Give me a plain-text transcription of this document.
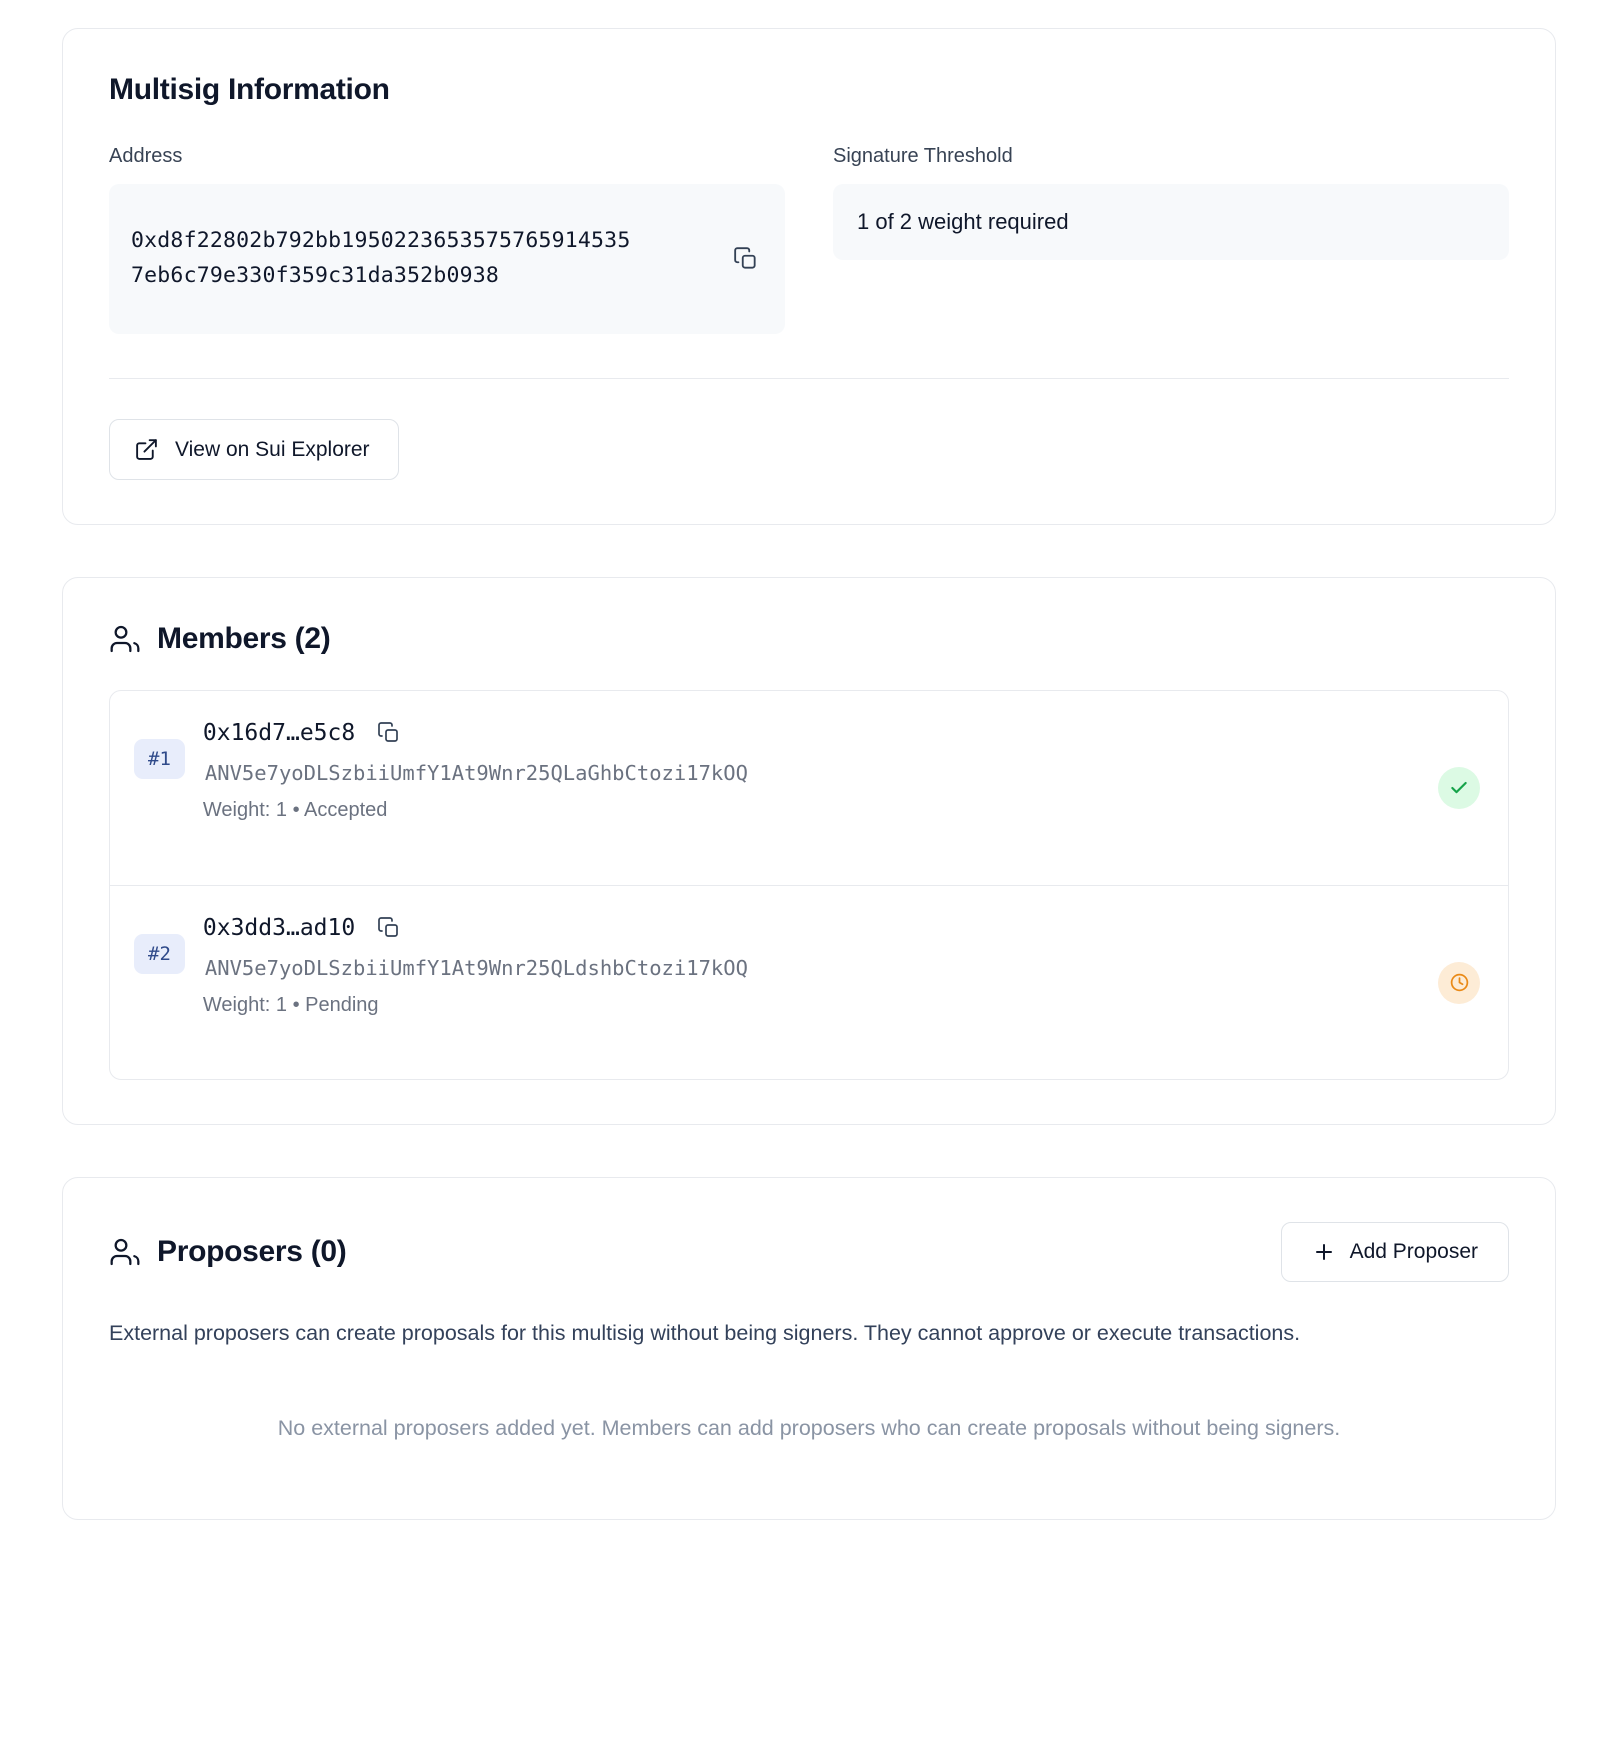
Multisig Information
Address
0xd8f22802b792bb19502236535757659145357eb6c79e330f359c31da352b0938
Signature Threshold
1 of 2 weight required
View on Sui Explorer
Members (2)
#1
0x16d7…e5c8
ANV5e7yoDLSzbiiUmfY1At9Wnr25QLaGhbCtozi17kOQ
Weight: 1 • Accepted
#2
0x3dd3…ad10
ANV5e7yoDLSzbiiUmfY1At9Wnr25QLdshbCtozi17kOQ
Weight: 1 • Pending
Proposers (0)	Add Proposer

External proposers can create proposals for this multisig without being signers. They cannot approve or execute transactions.

No external proposers added yet. Members can add proposers who can create proposals without being signers.
